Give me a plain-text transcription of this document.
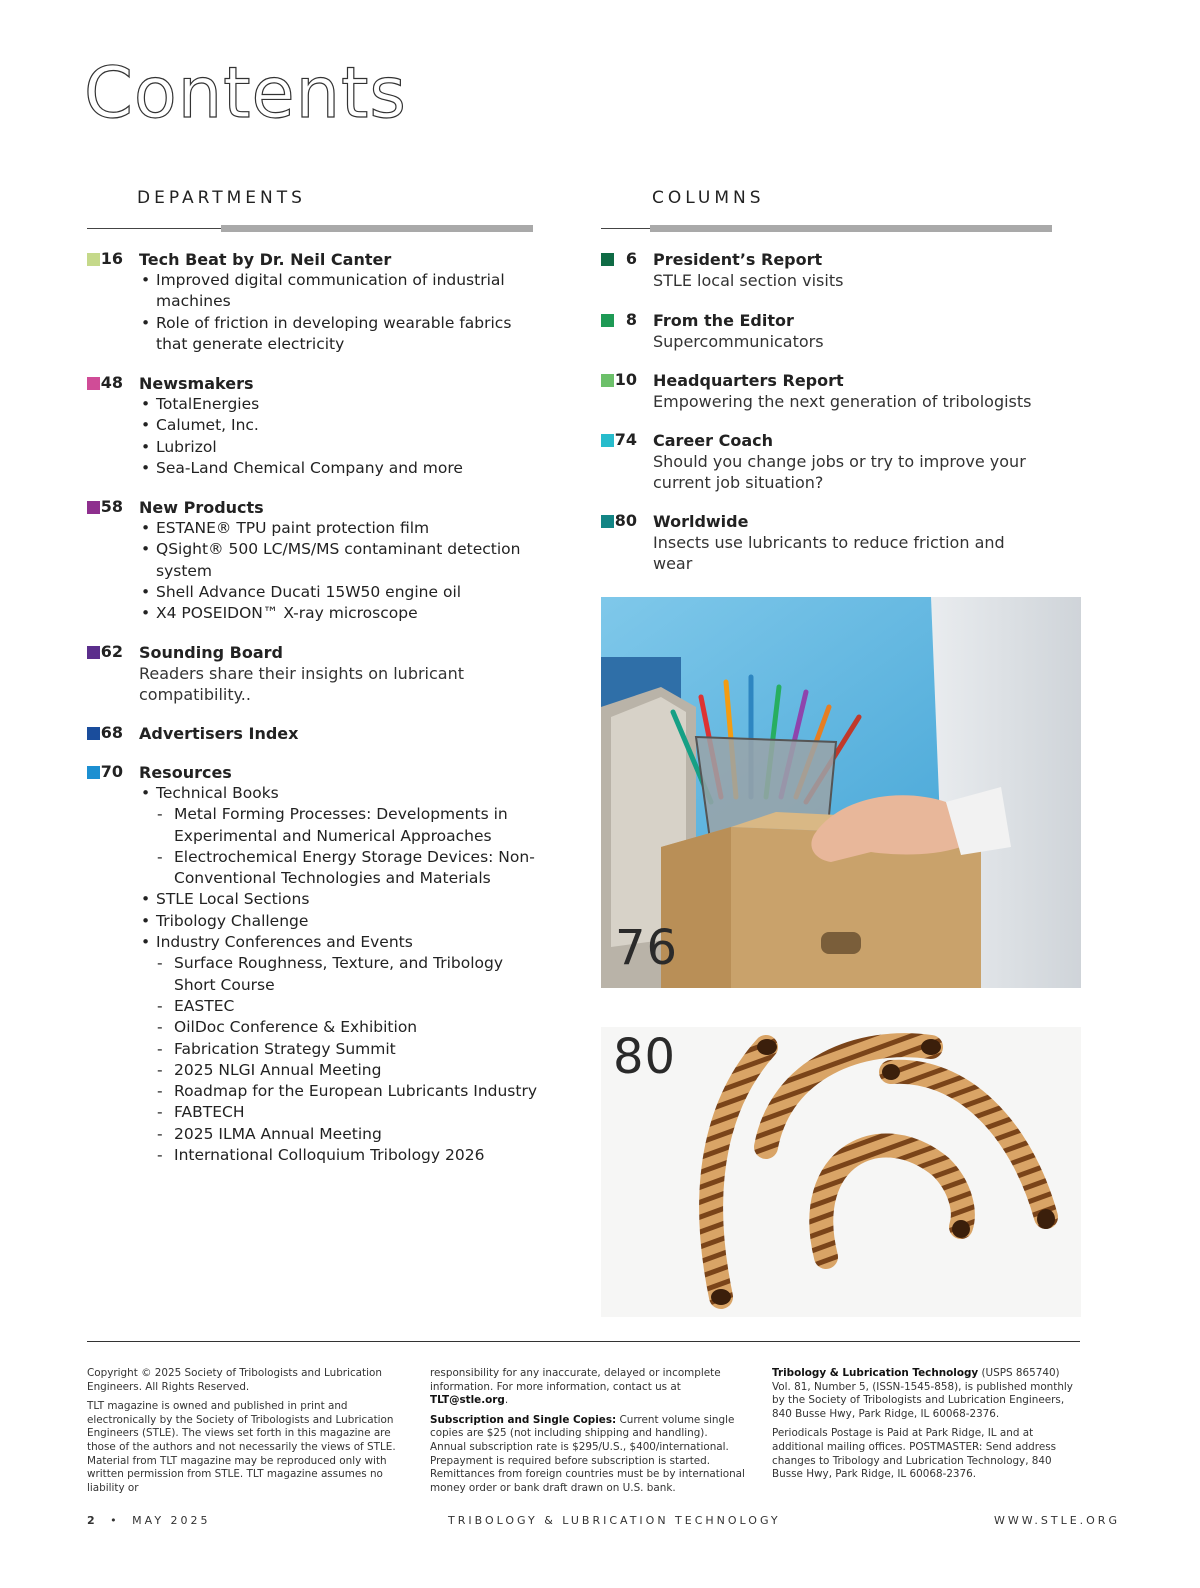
Contents
DEPARTMENTS	COLUMNS
16 Tech Beat by Dr. Neil Canter
• Improved digital communication of industrial machines
• Role of friction in developing wearable fabrics that generate electricity
48 Newsmakers
• TotalEnergies
• Calumet, Inc.
• Lubrizol
• Sea-Land Chemical Company and more
58 New Products
• ESTANE® TPU paint protection film
• QSight® 500 LC/MS/MS contaminant detection system
• Shell Advance Ducati 15W50 engine oil
• X4 POSEIDON™ X-ray microscope
62 Sounding Board
Readers share their insights on lubricant compatibility..
68 Advertisers Index
70 Resources
• Technical Books
- Metal Forming Processes: Developments in Experimental and Numerical Approaches
- Electrochemical Energy Storage Devices: Non-Conventional Technologies and Materials
• STLE Local Sections
• Tribology Challenge
• Industry Conferences and Events
- Surface Roughness, Texture, and Tribology Short Course
- EASTEC
- OilDoc Conference & Exhibition
- Fabrication Strategy Summit
- 2025 NLGI Annual Meeting
- Roadmap for the European Lubricants Industry
- FABTECH
- 2025 ILMA Annual Meeting
- International Colloquium Tribology 2026
6 President’s Report
STLE local section visits
8 From the Editor
Supercommunicators
10 Headquarters Report
Empowering the next generation of tribologists
74 Career Coach
Should you change jobs or try to improve your current job situation?
80 Worldwide
Insects use lubricants to reduce friction and wear
76
80

Copyright © 2025 Society of Tribologists and Lubrication Engineers. All Rights Reserved.

TLT magazine is owned and published in print and electronically by the Society of Tribologists and Lubrication Engineers (STLE). The views set forth in this magazine are those of the authors and not necessarily the views of STLE. Material from TLT magazine may be reproduced only with written permission from STLE. TLT magazine assumes no liability or

responsibility for any inaccurate, delayed or incomplete information. For more information, contact us at TLT@stle.org.

Subscription and Single Copies: Current volume single copies are $25 (not including shipping and handling). Annual subscription rate is $295/U.S., $400/international. Prepayment is required before subscription is started. Remittances from foreign countries must be by international money order or bank draft drawn on U.S. bank.

Tribology & Lubrication Technology (USPS 865740) Vol. 81, Number 5, (ISSN-1545-858), is published monthly by the Society of Tribologists and Lubrication Engineers, 840 Busse Hwy, Park Ridge, IL 60068-2376.

Periodicals Postage is Paid at Park Ridge, IL and at additional mailing offices. POSTMASTER: Send address changes to Tribology and Lubrication Technology, 840 Busse Hwy, Park Ridge, IL 60068-2376.

2 • MAY 2025	TRIBOLOGY & LUBRICATION TECHNOLOGY	WWW.STLE.ORG
